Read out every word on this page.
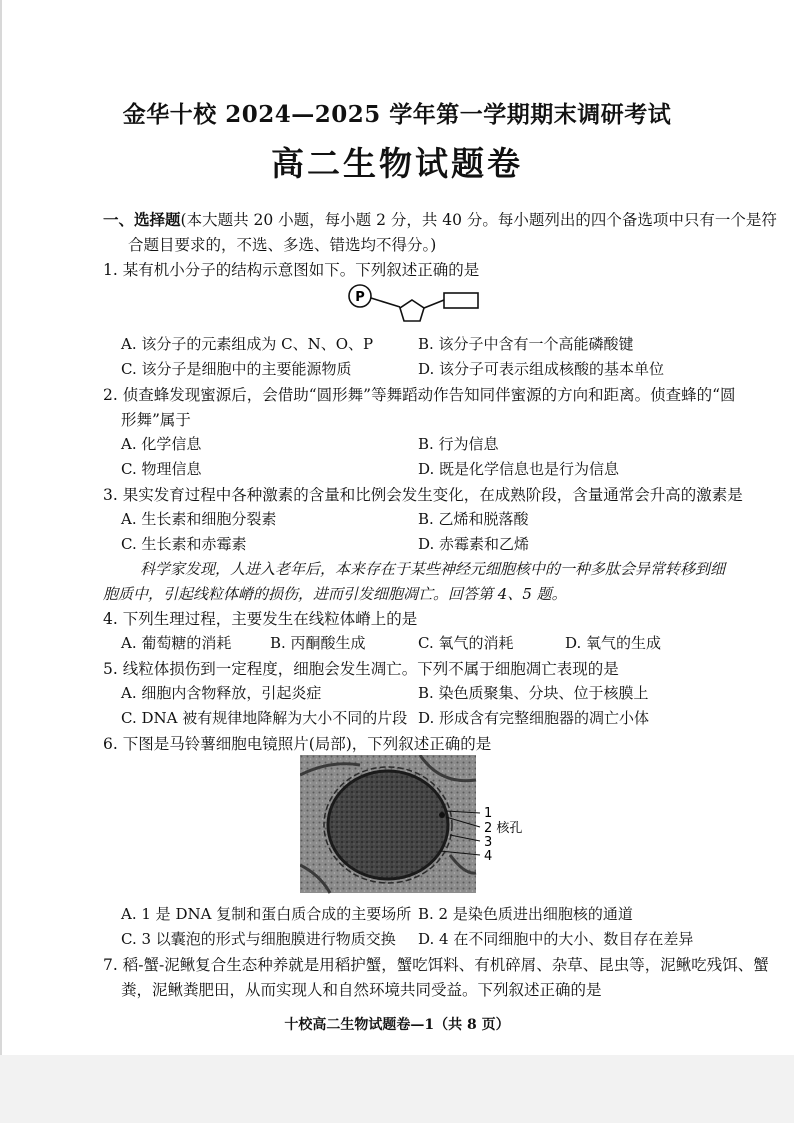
金华十校 2024—2025 学年第一学期期末调研考试
高二生物试题卷
一、选择题(本大题共 20 小题，每小题 2 分，共 40 分。每小题列出的四个备选项中只有一个是符
合题目要求的，不选、多选、错选均不得分。)
1. 某有机小分子的结构示意图如下。下列叙述正确的是
P
A. 该分子的元素组成为 C、N、O、P	B. 该分子中含有一个高能磷酸键
C. 该分子是细胞中的主要能源物质	D. 该分子可表示组成核酸的基本单位
2. 侦查蜂发现蜜源后，会借助“圆形舞”等舞蹈动作告知同伴蜜源的方向和距离。侦查蜂的“圆
形舞”属于
A. 化学信息	B. 行为信息
C. 物理信息	D. 既是化学信息也是行为信息
3. 果实发育过程中各种激素的含量和比例会发生变化，在成熟阶段，含量通常会升高的激素是
A. 生长素和细胞分裂素	B. 乙烯和脱落酸
C. 生长素和赤霉素	D. 赤霉素和乙烯
科学家发现，人进入老年后，本来存在于某些神经元细胞核中的一种多肽会异常转移到细
胞质中，引起线粒体嵴的损伤，进而引发细胞凋亡。回答第 4、5 题。
4. 下列生理过程，主要发生在线粒体嵴上的是
A. 葡萄糖的消耗	B. 丙酮酸生成	C. 氧气的消耗	D. 氧气的生成
5. 线粒体损伤到一定程度，细胞会发生凋亡。下列不属于细胞凋亡表现的是
A. 细胞内含物释放，引起炎症	B. 染色质聚集、分块、位于核膜上
C. DNA 被有规律地降解为大小不同的片段 D. 形成含有完整细胞器的凋亡小体
6. 下图是马铃薯细胞电镜照片(局部)，下列叙述正确的是
1
2 核孔
3
4
A. 1 是 DNA 复制和蛋白质合成的主要场所 B. 2 是染色质进出细胞核的通道
C. 3 以囊泡的形式与细胞膜进行物质交换 D. 4 在不同细胞中的大小、数目存在差异
7. 稻-蟹-泥鳅复合生态种养就是用稻护蟹，蟹吃饵料、有机碎屑、杂草、昆虫等，泥鳅吃残饵、蟹
粪，泥鳅粪肥田，从而实现人和自然环境共同受益。下列叙述正确的是
十校高二生物试题卷—1（共 8 页）
